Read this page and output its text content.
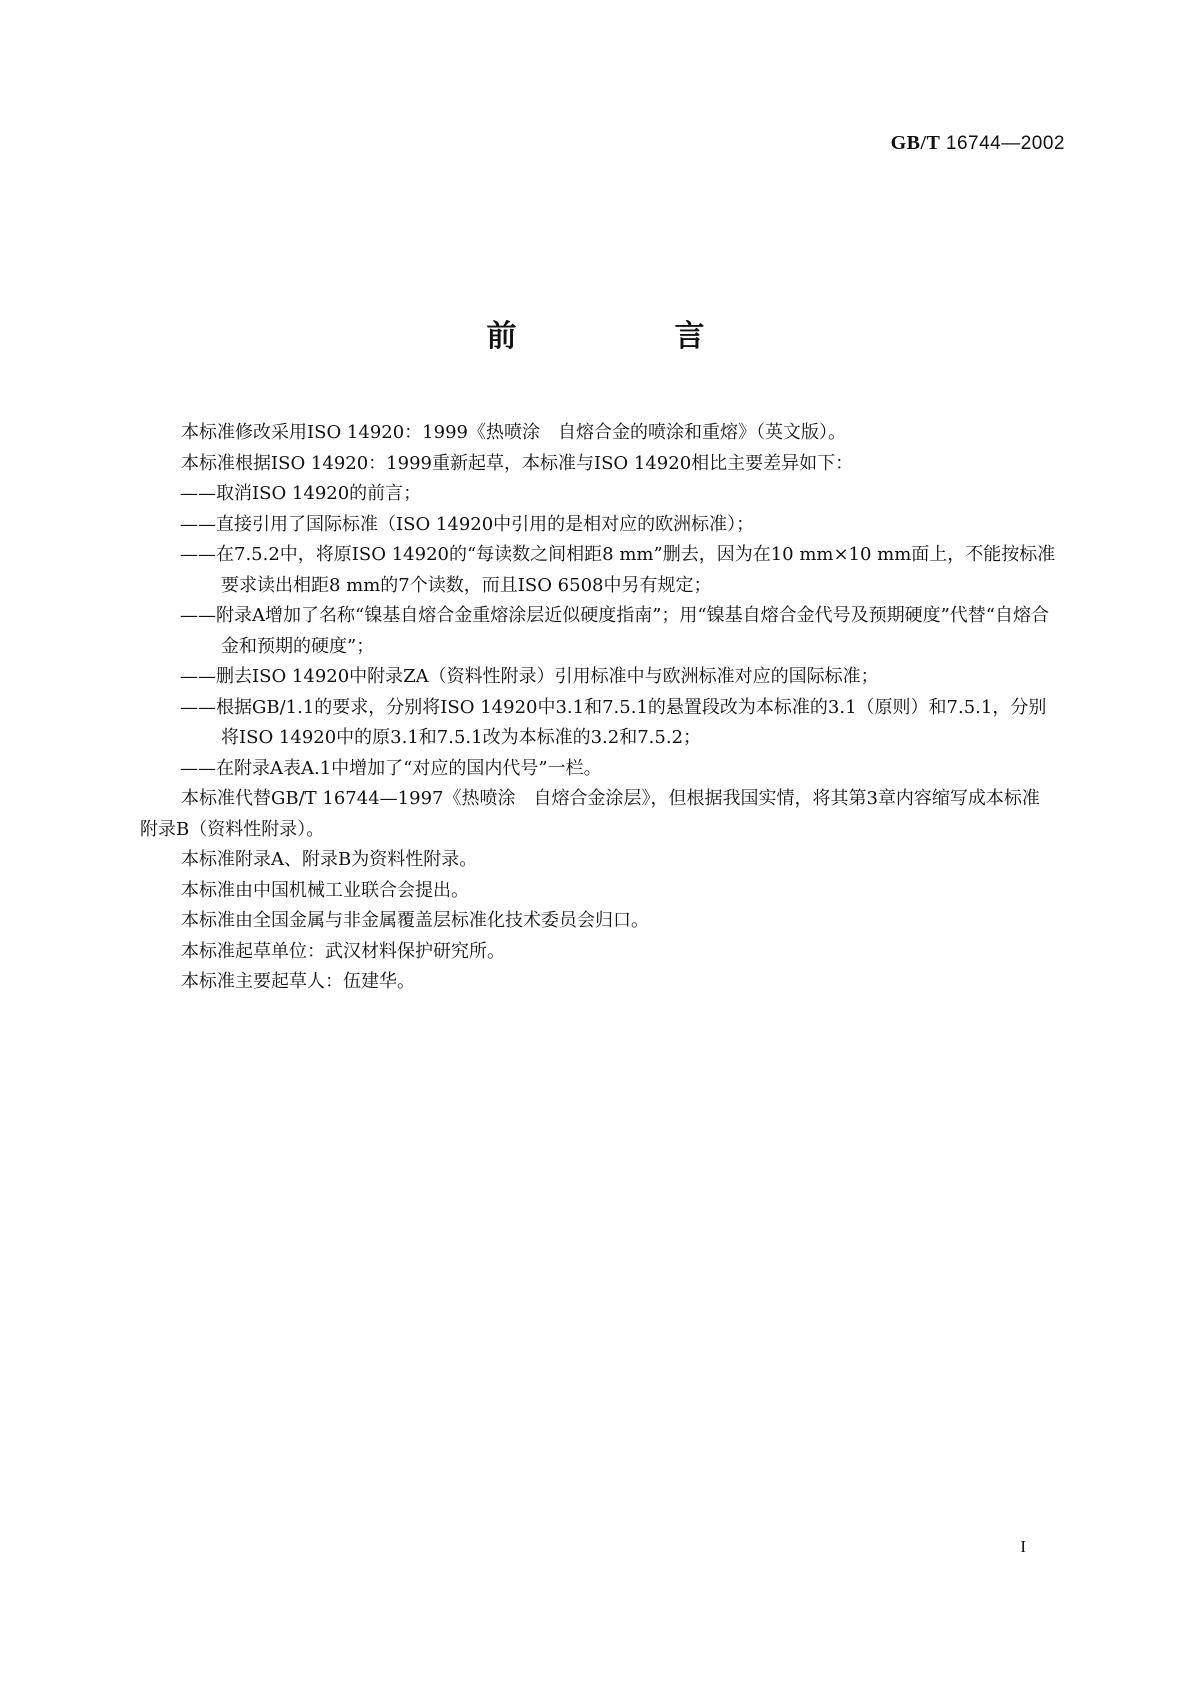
GB/T 16744—2002
前　言

本标准修改采用ISO 14920：1999《热喷涂　自熔合金的喷涂和重熔》（英文版）。

本标准根据ISO 14920：1999重新起草，本标准与ISO 14920相比主要差异如下：

——取消ISO 14920的前言；

——直接引用了国际标准（ISO 14920中引用的是相对应的欧洲标准）；

——在7.5.2中，将原ISO 14920的“每读数之间相距8 mm”删去，因为在10 mm×10 mm面上，不能按标准要求读出相距8 mm的7个读数，而且ISO 6508中另有规定；

——附录A增加了名称“镍基自熔合金重熔涂层近似硬度指南”；用“镍基自熔合金代号及预期硬度”代替“自熔合金和预期的硬度”；

——删去ISO 14920中附录ZA（资料性附录）引用标准中与欧洲标准对应的国际标准；

——根据GB/1.1的要求，分别将ISO 14920中3.1和7.5.1的悬置段改为本标准的3.1（原则）和7.5.1，分别将ISO 14920中的原3.1和7.5.1改为本标准的3.2和7.5.2；

——在附录A表A.1中增加了“对应的国内代号”一栏。

本标准代替GB/T 16744—1997《热喷涂　自熔合金涂层》，但根据我国实情，将其第3章内容缩写成本标准附录B（资料性附录）。

本标准附录A、附录B为资料性附录。

本标准由中国机械工业联合会提出。

本标准由全国金属与非金属覆盖层标准化技术委员会归口。

本标准起草单位：武汉材料保护研究所。

本标准主要起草人：伍建华。

I
